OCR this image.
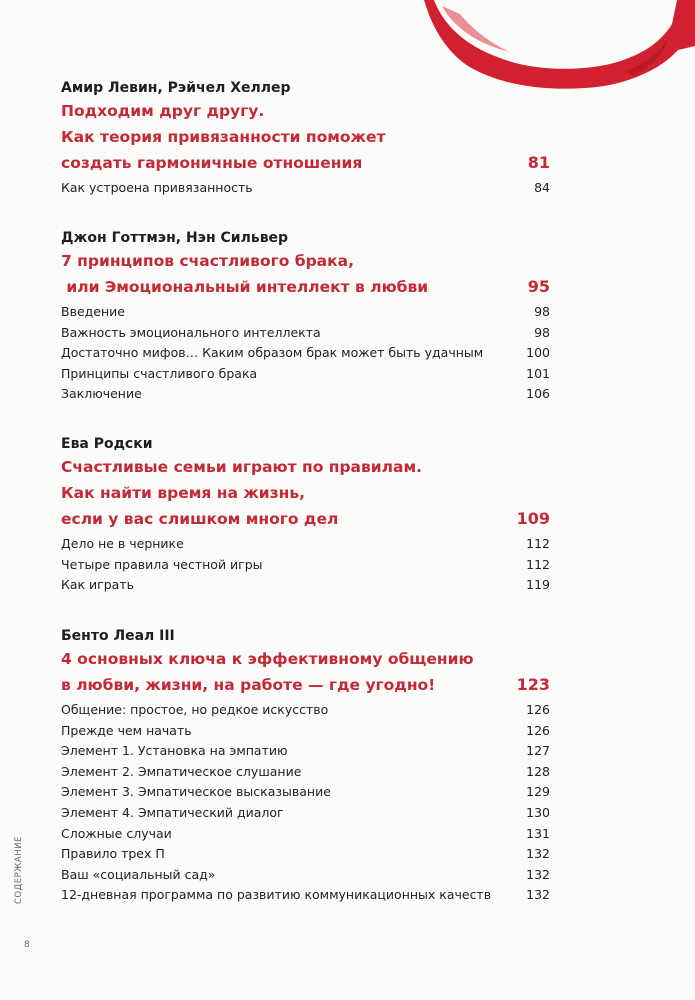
Амир Левин, Рэйчел Хеллер
Подходим друг другу.
Как теория привязанности поможет
создать гармоничные отношения	81
Как устроена привязанность	84
Джон Готтмэн, Нэн Сильвер
7 принципов счастливого брака,
или Эмоциональный интеллект в любви	95
Введение	98
Важность эмоционального интеллекта	98
Достаточно мифов… Каким образом брак может быть удачным	100
Принципы счастливого брака	101
Заключение	106
Ева Родски
Счастливые семьи играют по правилам.
Как найти время на жизнь,
если у вас слишком много дел	109
Дело не в чернике	112
Четыре правила честной игры	112
Как играть	119
Бенто Леал III
4 основных ключа к эффективному общению
в любви, жизни, на работе — где угодно!	123
Общение: простое, но редкое искусство	126
Прежде чем начать	126
Элемент 1. Установка на эмпатию	127
Элемент 2. Эмпатическое слушание	128
Элемент 3. Эмпатическое высказывание	129
Элемент 4. Эмпатический диалог	130
Сложные случаи	131
Правило трех П	132
Ваш «социальный сад»	132
12-дневная программа по развитию коммуникационных качеств	132
СОДЕРЖАНИЕ
8
